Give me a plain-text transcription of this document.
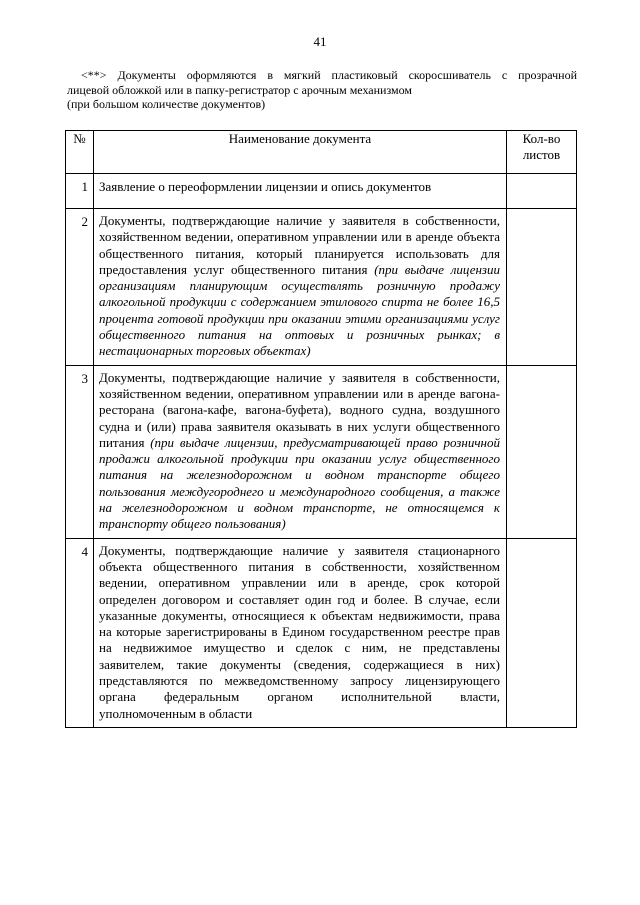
41
<**> Документы оформляются в мягкий пластиковый скоросшиватель с прозрачной
лицевой обложкой или в папку-регистратор с арочным механизмом
(при большом количестве документов)
№	Наименование документа	Кол-во листов
1	Заявление о переоформлении лицензии и опись документов	
2	Документы, подтверждающие наличие у заявителя в собственности, хозяйственном ведении, оперативном управлении или в аренде объекта общественного питания, который планируется использовать для предоставления услуг общественного питания (при выдаче лицензии организациям планирующим осуществлять розничную продажу алкогольной продукции с содержанием этилового спирта не более 16,5 процента готовой продукции при оказании этими организациями услуг общественного питания на оптовых и розничных рынках; в нестационарных торговых объектах)	
3	Документы, подтверждающие наличие у заявителя в собственности, хозяйственном ведении, оперативном управлении или в аренде вагона-ресторана (вагона-кафе, вагона-буфета), водного судна, воздушного судна и (или) права заявителя оказывать в них услуги общественного питания (при выдаче лицензии, предусматривающей право розничной продажи алкогольной продукции при оказании услуг общественного питания на железнодорожном и водном транспорте общего пользования междугороднего и международного сообщения, а также на железнодорожном и водном транспорте, не относящемся к транспорту общего пользования)	
4	Документы, подтверждающие наличие у заявителя стационарного объекта общественного питания в собственности, хозяйственном ведении, оперативном управлении или в аренде, срок которой определен договором и составляет один год и более. В случае, если указанные документы, относящиеся к объектам недвижимости, права на которые зарегистрированы в Едином государственном реестре прав на недвижимое имущество и сделок с ним, не представлены заявителем, такие документы (сведения, содержащиеся в них) представляются по межведомственному запросу лицензирующего органа федеральным органом исполнительной власти, уполномоченным в области	
